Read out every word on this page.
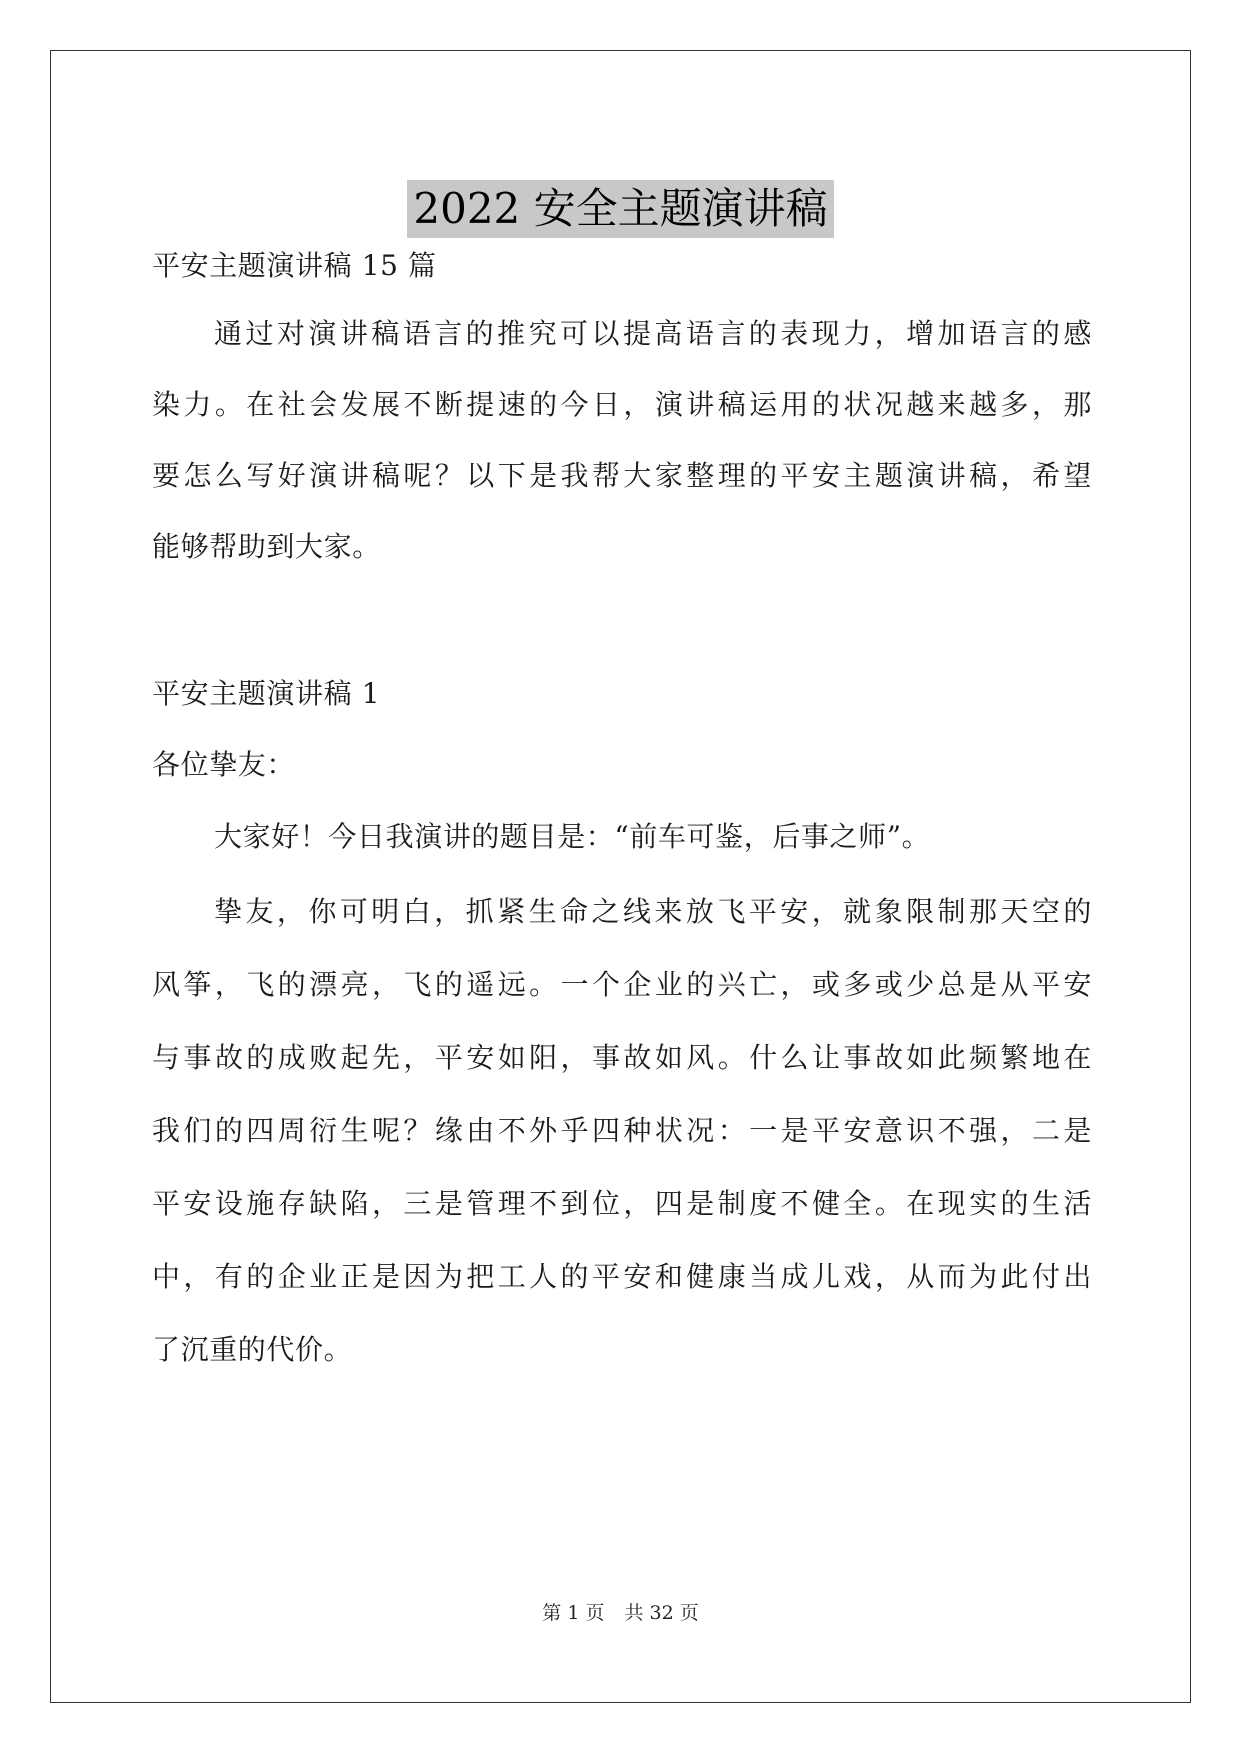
2022 安全主题演讲稿
平安主题演讲稿 15 篇
通过对演讲稿语言的推究可以提高语言的表现力，增加语言的感
染力。在社会发展不断提速的今日，演讲稿运用的状况越来越多，那
要怎么写好演讲稿呢？以下是我帮大家整理的平安主题演讲稿，希望
能够帮助到大家。
平安主题演讲稿 1
各位挚友：
大家好！今日我演讲的题目是：“前车可鉴，后事之师”。
挚友，你可明白，抓紧生命之线来放飞平安，就象限制那天空的
风筝，飞的漂亮，飞的遥远。一个企业的兴亡，或多或少总是从平安
与事故的成败起先，平安如阳，事故如风。什么让事故如此频繁地在
我们的四周衍生呢？缘由不外乎四种状况：一是平安意识不强，二是
平安设施存缺陷，三是管理不到位，四是制度不健全。在现实的生活
中，有的企业正是因为把工人的平安和健康当成儿戏，从而为此付出
了沉重的代价。
第 1 页 共 32 页
